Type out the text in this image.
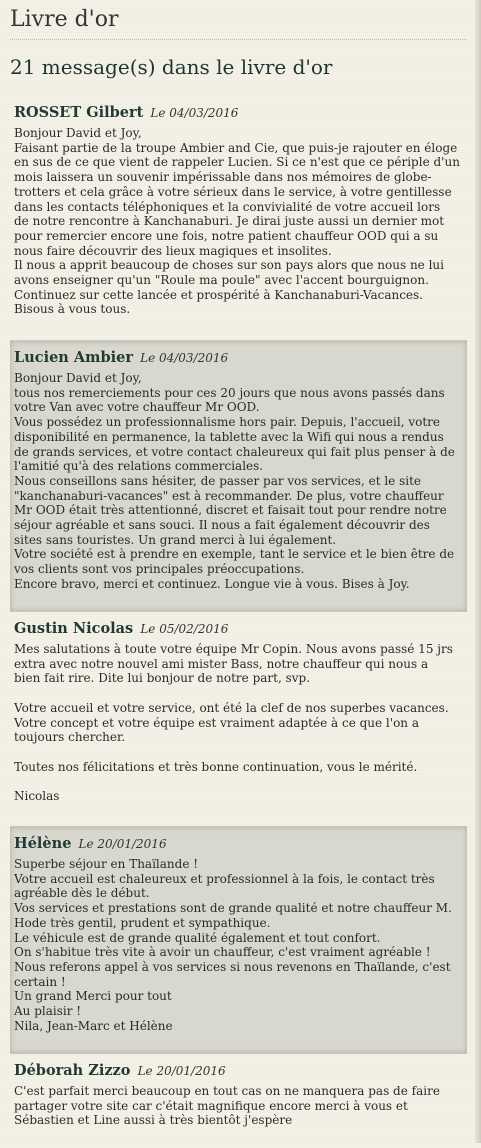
Livre d'or
21 message(s) dans le livre d'or
ROSSET Gilbert Le 04/03/2016
Bonjour David et Joy,
Faisant partie de la troupe Ambier and Cie, que puis-je rajouter en éloge
en sus de ce que vient de rappeler Lucien. Si ce n'est que ce périple d'un
mois laissera un souvenir impérissable dans nos mémoires de globe-
trotters et cela grâce à votre sérieux dans le service, à votre gentillesse
dans les contacts téléphoniques et la convivialité de votre accueil lors
de notre rencontre à Kanchanaburi. Je dirai juste aussi un dernier mot
pour remercier encore une fois, notre patient chauffeur OOD qui a su
nous faire découvrir des lieux magiques et insolites.
Il nous a apprit beaucoup de choses sur son pays alors que nous ne lui
avons enseigner qu'un "Roule ma poule" avec l'accent bourguignon.
Continuez sur cette lancée et prospérité à Kanchanaburi-Vacances.
Bisous à vous tous.
Lucien Ambier Le 04/03/2016
Bonjour David et Joy,
tous nos remerciements pour ces 20 jours que nous avons passés dans
votre Van avec votre chauffeur Mr OOD.
Vous possédez un professionnalisme hors pair. Depuis, l'accueil, votre
disponibilité en permanence, la tablette avec la Wifi qui nous a rendus
de grands services, et votre contact chaleureux qui fait plus penser à de
l'amitié qu'à des relations commerciales.
Nous conseillons sans hésiter, de passer par vos services, et le site
"kanchanaburi-vacances" est à recommander. De plus, votre chauffeur
Mr OOD était très attentionné, discret et faisait tout pour rendre notre
séjour agréable et sans souci. Il nous a fait également découvrir des
sites sans touristes. Un grand merci à lui également.
Votre société est à prendre en exemple, tant le service et le bien être de
vos clients sont vos principales préoccupations.
Encore bravo, merci et continuez. Longue vie à vous. Bises à Joy.
Gustin Nicolas Le 05/02/2016
Mes salutations à toute votre équipe Mr Copin. Nous avons passé 15 jrs
extra avec notre nouvel ami mister Bass, notre chauffeur qui nous a
bien fait rire. Dite lui bonjour de notre part, svp.
Votre accueil et votre service, ont été la clef de nos superbes vacances.
Votre concept et votre équipe est vraiment adaptée à ce que l'on a
toujours chercher.
Toutes nos félicitations et très bonne continuation, vous le mérité.
Nicolas
Hélène Le 20/01/2016
Superbe séjour en Thaïlande !
Votre accueil est chaleureux et professionnel à la fois, le contact très
agréable dès le début.
Vos services et prestations sont de grande qualité et notre chauffeur M.
Hode très gentil, prudent et sympathique.
Le véhicule est de grande qualité également et tout confort.
On s'habitue très vite à avoir un chauffeur, c'est vraiment agréable !
Nous referons appel à vos services si nous revenons en Thaïlande, c'est
certain !
Un grand Merci pour tout
Au plaisir !
Nila, Jean-Marc et Hélène
Déborah Zizzo Le 20/01/2016
C'est parfait merci beaucoup en tout cas on ne manquera pas de faire
partager votre site car c'était magnifique encore merci à vous et
Sébastien et Line aussi à très bientôt j'espère
